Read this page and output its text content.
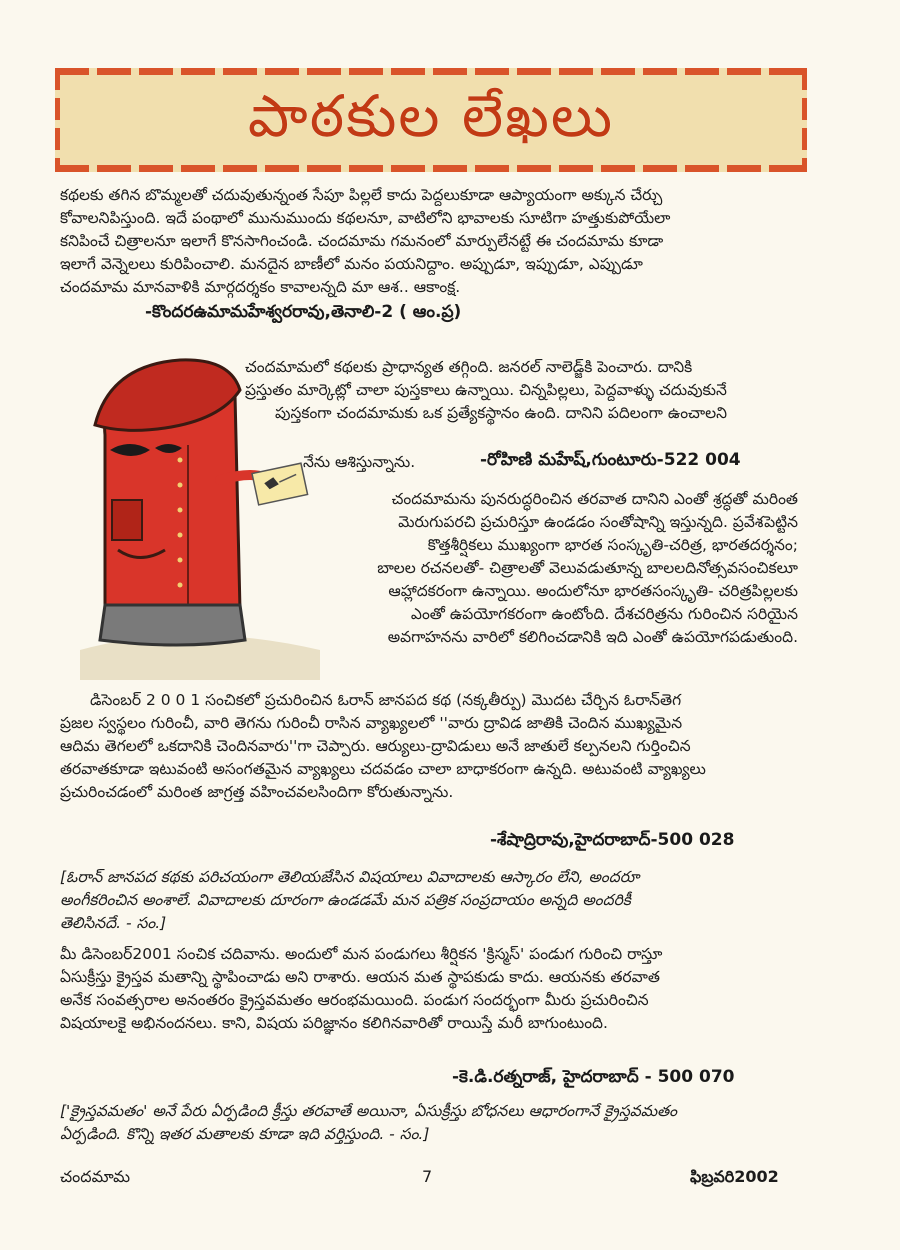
పాఠకుల లేఖలు
కథలకు తగిన బొమ్మలతో చదువుతున్నంత సేపూ పిల్లలే కాదు పెద్దలుకూడా ఆప్యాయంగా అక్కున చేర్చు
కోవాలనిపిస్తుంది. ఇదే పంథాలో మునుముందు కథలనూ, వాటిలోని భావాలకు సూటిగా హత్తుకుపోయేలా
కనిపించే చిత్రాలనూ ఇలాగే కొనసాగించండి. చందమామ గమనంలో మార్పులేనట్టే ఈ చందమామ కూడా
ఇలాగే వెన్నెలలు కురిపించాలి. మనదైన బాణీలో మనం పయనిద్దాం. అప్పుడూ, ఇప్పుడూ, ఎప్పుడూ
చందమామ మానవాళికి మార్గదర్శకం కావాలన్నది మా ఆశ.. ఆకాంక్ష.
-కొందరఉమామహేశ్వరరావు,తెనాలి-2 ( ఆం.ప్ర)
చందమామలో కథలకు ప్రాధాన్యత తగ్గింది. జనరల్ నాలెడ్జ్‌కి పెంచారు. దానికి
ప్రస్తుతం మార్కెట్లో చాలా పుస్తకాలు ఉన్నాయి. చిన్నపిల్లలు, పెద్దవాళ్ళు చదువుకునే
పుస్తకంగా చందమామకు ఒక ప్రత్యేకస్థానం ఉంది. దానిని పదిలంగా ఉంచాలని
నేను ఆశిస్తున్నాను.	-రోహిణి మహేష్,గుంటూరు-522 004
చందమామను పునరుద్ధరించిన తరవాత దానిని ఎంతో శ్రద్ధతో మరింత
మెరుగుపరచి ప్రచురిస్తూ ఉండడం సంతోషాన్ని ఇస్తున్నది. ప్రవేశపెట్టిన
కొత్తశీర్షికలు ముఖ్యంగా భారత సంస్కృతి-చరిత్ర, భారతదర్శనం;
బాలల రచనలతో- చిత్రాలతో వెలువడుతూన్న బాలలదినోత్సవసంచికలూ
ఆహ్లాదకరంగా ఉన్నాయి. అందులోనూ భారతసంస్కృతి- చరిత్రపిల్లలకు
ఎంతో ఉపయోగకరంగా ఉంటోంది. దేశచరిత్రను గురించిన సరియైన
అవగాహనను వారిలో కలిగించడానికి ఇది ఎంతో ఉపయోగపడుతుంది.
డిసెంబర్ 2 0 0 1 సంచికలో ప్రచురించిన ఓరాన్ జానపద కథ (నక్కతీర్పు) మొదట చేర్చిన ఓరాన్‌తెగ
ప్రజల స్వస్థలం గురించీ, వారి తెగను గురించీ రాసిన వ్యాఖ్యలలో ''వారు ద్రావిడ జాతికి చెందిన ముఖ్యమైన
ఆదిమ తెగలలో ఒకదానికి చెందినవారు''గా చెప్పారు. ఆర్యులు-ద్రావిడులు అనే జాతులే కల్పనలని గుర్తించిన
తరవాతకూడా ఇటువంటి అసంగతమైన వ్యాఖ్యలు చదవడం చాలా బాధాకరంగా ఉన్నది. అటువంటి వ్యాఖ్యలు
ప్రచురించడంలో మరింత జాగ్రత్త వహించవలసిందిగా కోరుతున్నాను.
-శేషాద్రిరావు,హైదరాబాద్-500 028
[ఓరాన్ జానపద కథకు పరిచయంగా తెలియజేసిన విషయాలు వివాదాలకు ఆస్కారం లేని, అందరూ
అంగీకరించిన అంశాలే. వివాదాలకు దూరంగా ఉండడమే మన పత్రిక సంప్రదాయం అన్నది అందరికీ
తెలిసినదే. - సం.]
మీ డిసెంబర్2001 సంచిక చదివాను. అందులో మన పండుగలు శీర్షికన 'క్రిస్మస్' పండుగ గురించి రాస్తూ
ఏసుక్రీస్తు క్రైస్తవ మతాన్ని స్థాపించాడు అని రాశారు. ఆయన మత స్థాపకుడు కాదు. ఆయనకు తరవాత
అనేక సంవత్సరాల అనంతరం క్రైస్తవమతం ఆరంభమయింది. పండుగ సందర్భంగా మీరు ప్రచురించిన
విషయాలకై అభినందనలు. కాని, విషయ పరిజ్ఞానం కలిగినవారితో రాయిస్తే మరీ బాగుంటుంది.
-కె.డి.రత్నరాజ్, హైదరాబాద్ - 500 070
['క్రైస్తవమతం' అనే పేరు ఏర్పడింది క్రీస్తు తరవాతే అయినా, ఏసుక్రీస్తు బోధనలు ఆధారంగానే క్రైస్తవమతం
ఏర్పడింది. కొన్ని ఇతర మతాలకు కూడా ఇది వర్తిస్తుంది. - సం.]
చందమామ	7	ఫిబ్రవరి2002
